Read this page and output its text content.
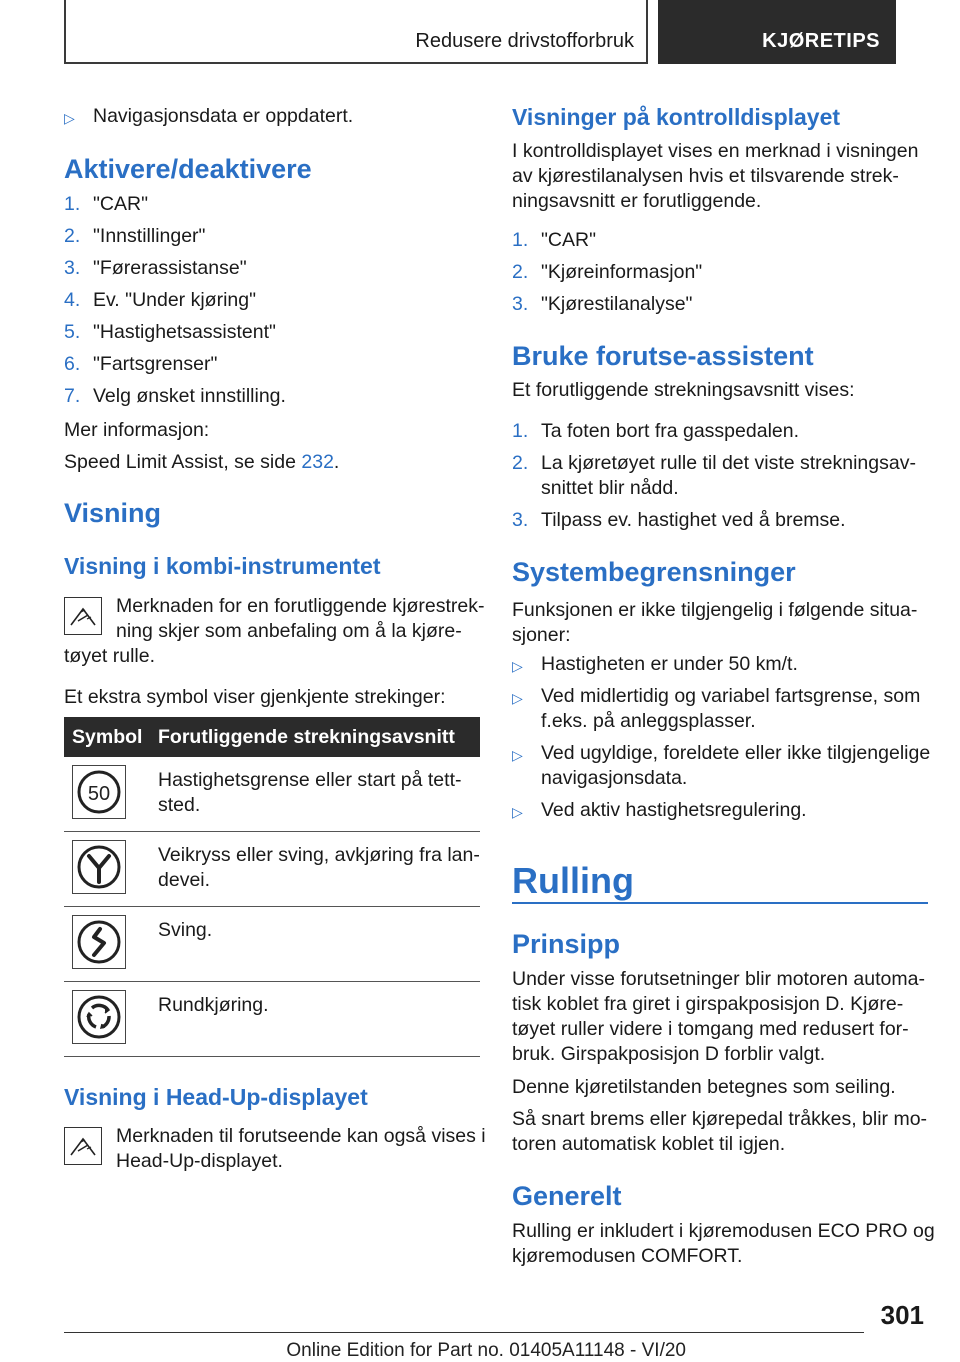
Redusere drivstofforbruk	KJØRETIPS
▷ Navigasjonsdata er oppdatert.
Aktivere/deaktivere
1. "CAR"
2. "Innstillinger"
3. "Førerassistanse"
4. Ev. "Under kjøring"
5. "Hastighetsassistent"
6. "Fartsgrenser"
7. Velg ønsket innstilling.
Mer informasjon:
Speed Limit Assist, se side 232.
Visning
Visning i kombi-instrumentet
Merknaden for en forutliggende kjørestrek-
ning skjer som anbefaling om å la kjøre-
tøyet rulle.
Et ekstra symbol viser gjenkjente strekinger:
Symbol Forutliggende strekningsavsnitt
50
Hastighetsgrense eller start på tett-
sted.
Veikryss eller sving, avkjøring fra lan-
devei.
Sving.
Rundkjøring.
Visning i Head-Up-displayet
Merknaden til forutseende kan også vises i
Head-Up-displayet.
Visninger på kontrolldisplayet
I kontrolldisplayet vises en merknad i visningen
av kjørestilanalysen hvis et tilsvarende strek-
ningsavsnitt er forutliggende.
1. "CAR"
2. "Kjøreinformasjon"
3. "Kjørestilanalyse"
Bruke forutse-assistent
Et forutliggende strekningsavsnitt vises:
1. Ta foten bort fra gasspedalen.
2. La kjøretøyet rulle til det viste strekningsav-
snittet blir nådd.
3. Tilpass ev. hastighet ved å bremse.
Systembegrensninger
Funksjonen er ikke tilgjengelig i følgende situa-
sjoner:
▷ Hastigheten er under 50 km/t.
▷ Ved midlertidig og variabel fartsgrense, som
f.eks. på anleggsplasser.
▷ Ved ugyldige, foreldete eller ikke tilgjengelige
navigasjonsdata.
▷ Ved aktiv hastighetsregulering.
Rulling
Prinsipp
Under visse forutsetninger blir motoren automa-
tisk koblet fra giret i girspakposisjon D. Kjøre-
tøyet ruller videre i tomgang med redusert for-
bruk. Girspakposisjon D forblir valgt.
Denne kjøretilstanden betegnes som seiling.
Så snart brems eller kjørepedal tråkkes, blir mo-
toren automatisk koblet til igjen.
Generelt
Rulling er inkludert i kjøremodusen ECO PRO og
kjøremodusen COMFORT.
301
Online Edition for Part no. 01405A11148 - VI/20
